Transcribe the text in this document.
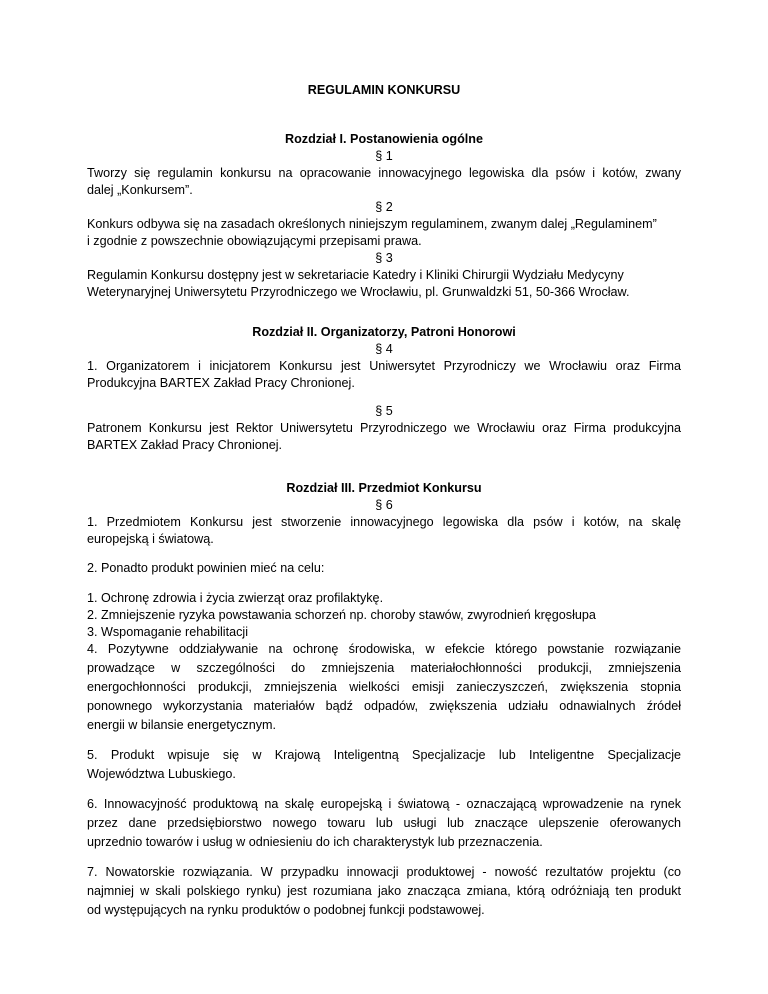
REGULAMIN KONKURSU
Rozdział I. Postanowienia ogólne
§ 1
Tworzy się regulamin konkursu na opracowanie innowacyjnego legowiska dla psów i kotów, zwany
dalej „Konkursem”.
§ 2
Konkurs odbywa się na zasadach określonych niniejszym regulaminem, zwanym dalej „Regulaminem”
i zgodnie z powszechnie obowiązującymi przepisami prawa.
§ 3
Regulamin Konkursu dostępny jest w sekretariacie Katedry i Kliniki Chirurgii Wydziału Medycyny
Weterynaryjnej Uniwersytetu Przyrodniczego we Wrocławiu, pl. Grunwaldzki 51, 50-366 Wrocław.
Rozdział II. Organizatorzy, Patroni Honorowi
§ 4
1. Organizatorem i inicjatorem Konkursu jest Uniwersytet Przyrodniczy we Wrocławiu oraz Firma
Produkcyjna BARTEX Zakład Pracy Chronionej.
§ 5
Patronem Konkursu jest Rektor Uniwersytetu Przyrodniczego we Wrocławiu oraz Firma produkcyjna
BARTEX Zakład Pracy Chronionej.
Rozdział III. Przedmiot Konkursu
§ 6
1. Przedmiotem Konkursu jest stworzenie innowacyjnego legowiska dla psów i kotów, na skalę
europejską i światową.
2. Ponadto produkt powinien mieć na celu:
1. Ochronę zdrowia i życia zwierząt oraz profilaktykę.
2. Zmniejszenie ryzyka powstawania schorzeń np. choroby stawów, zwyrodnień kręgosłupa
3. Wspomaganie rehabilitacji
4. Pozytywne oddziaływanie na ochronę środowiska, w efekcie którego powstanie rozwiązanie
prowadzące w szczególności do zmniejszenia materiałochłonności produkcji, zmniejszenia
energochłonności produkcji, zmniejszenia wielkości emisji zanieczyszczeń, zwiększenia stopnia
ponownego wykorzystania materiałów bądź odpadów, zwiększenia udziału odnawialnych źródeł
energii w bilansie energetycznym.
5. Produkt wpisuje się w Krajową Inteligentną Specjalizacje lub Inteligentne Specjalizacje
Województwa Lubuskiego.
6. Innowacyjność produktową na skalę europejską i światową - oznaczającą wprowadzenie na rynek
przez dane przedsiębiorstwo nowego towaru lub usługi lub znaczące ulepszenie oferowanych
uprzednio towarów i usług w odniesieniu do ich charakterystyk lub przeznaczenia.
7. Nowatorskie rozwiązania. W przypadku innowacji produktowej - nowość rezultatów projektu (co
najmniej w skali polskiego rynku) jest rozumiana jako znacząca zmiana, którą odróżniają ten produkt
od występujących na rynku produktów o podobnej funkcji podstawowej.
